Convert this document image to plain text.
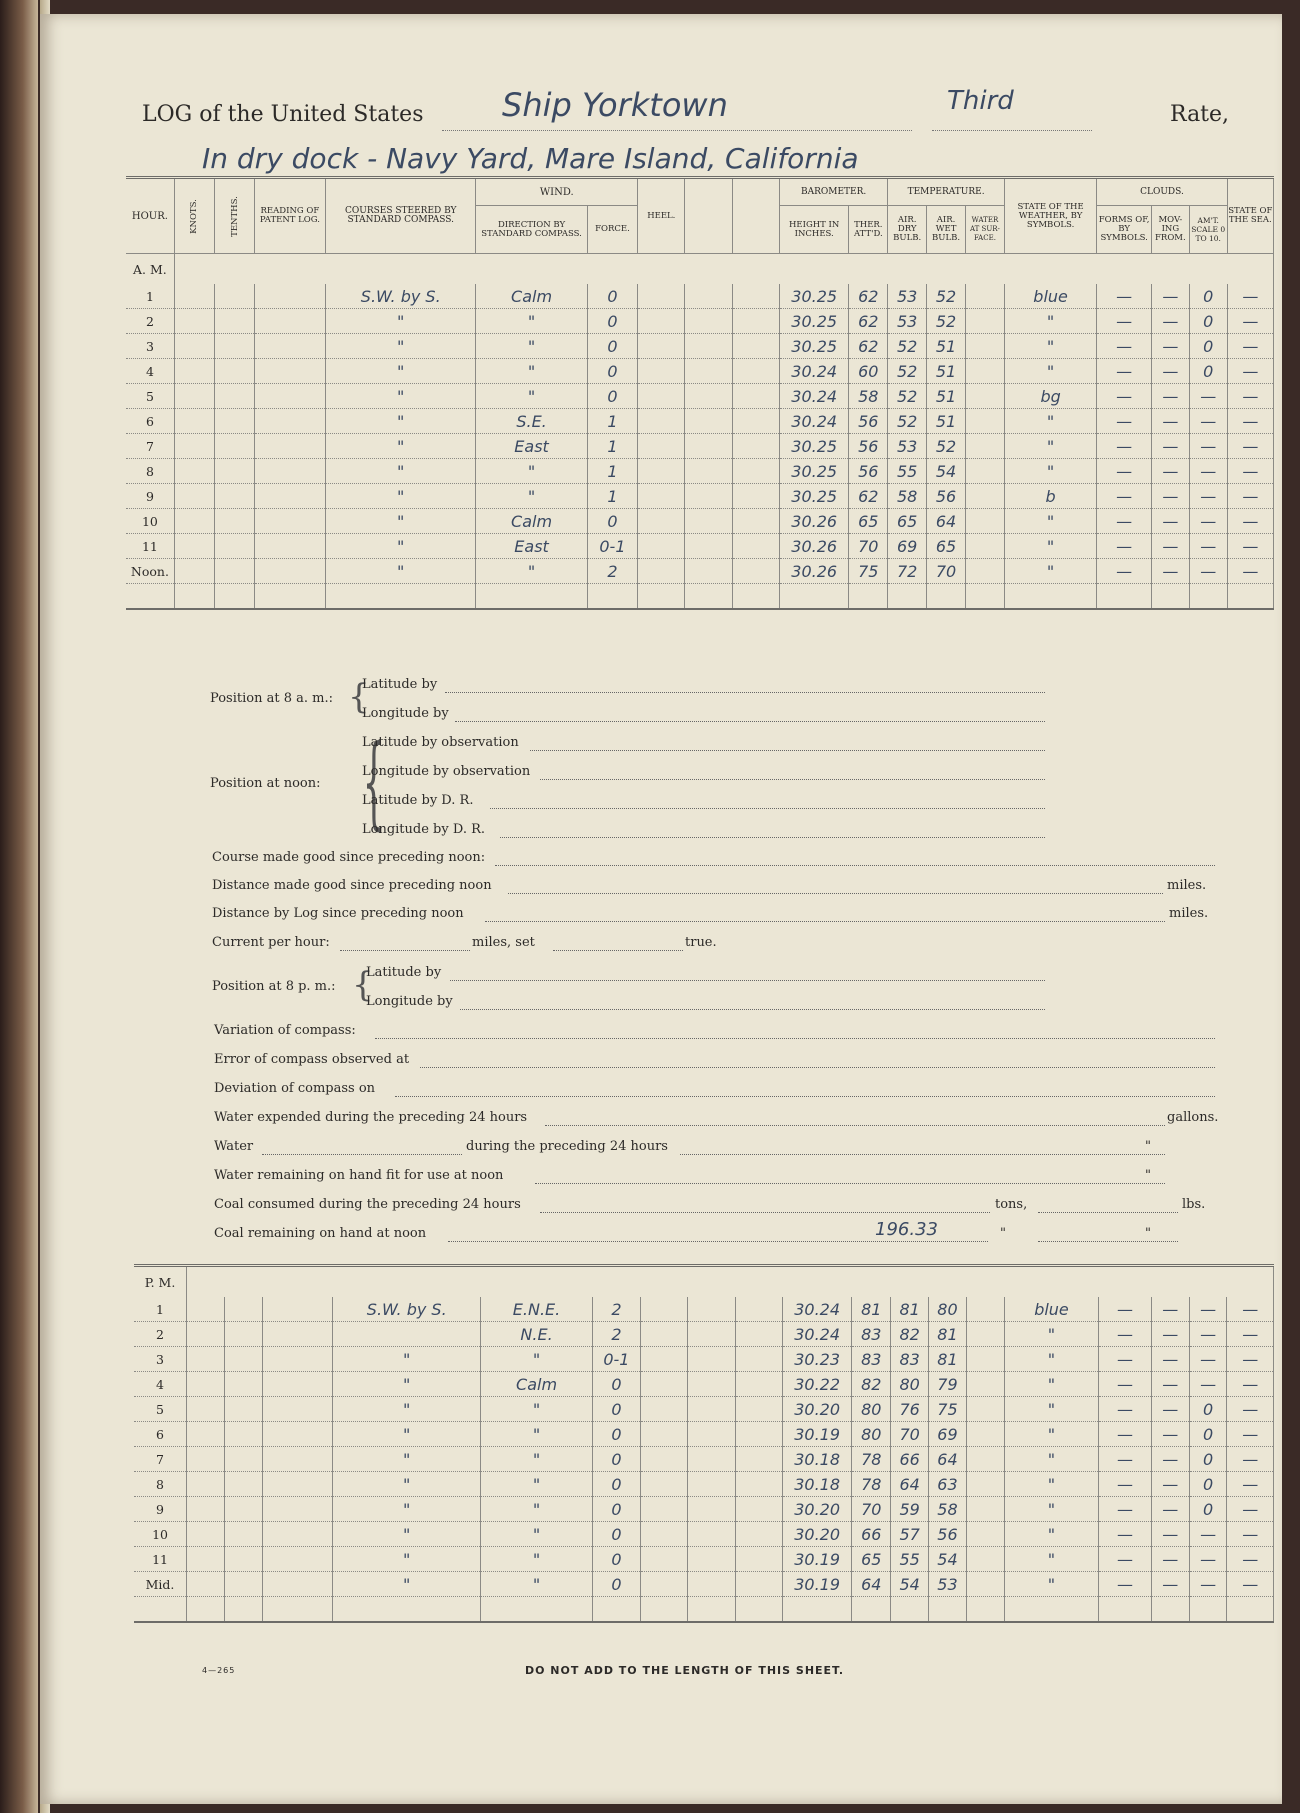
LOG of the United States Ship Yorktown	Third	Rate,
In dry dock - Navy Yard, Mare Island, California
HOUR.	KNOTS.	TENTHS.	READING OF PATENT LOG.	COURSES STEERED BY STANDARD COMPASS.	WIND.		HEEL.			BAROMETER.		TEMPERATURE.			STATE OF THE WEATHER, BY SYMBOLS.	CLOUDS.			STATE OF THE SEA.
					DIRECTION BY STANDARD COMPASS.	FORCE.				HEIGHT IN INCHES.	THER. ATT'D.	AIR. DRY BULB.	AIR. WET BULB.	WATER AT SUR- FACE.		FORMS OF, BY SYMBOLS.	MOV- ING FROM.	AM'T. SCALE 0 TO 10.	
A. M.																			
1				S.W. by S.	Calm	0				30.25	62	53	52		blue	—	—	0	—
2				"	"	0				30.25	62	53	52		"	—	—	0	—
3				"	"	0				30.25	62	52	51		"	—	—	0	—
4				"	"	0				30.24	60	52	51		"	—	—	0	—
5				"	"	0				30.24	58	52	51		bg	—	—	—	—
6				"	S.E.	1				30.24	56	52	51		"	—	—	—	—
7				"	East	1				30.25	56	53	52		"	—	—	—	—
8				"	"	1				30.25	56	55	54		"	—	—	—	—
9				"	"	1				30.25	62	58	56		b	—	—	—	—
10				"	Calm	0				30.26	65	65	64		"	—	—	—	—
11				"	East	0-1				30.26	70	69	65		"	—	—	—	—
Noon.				"	"	2				30.26	75	72	70		"	—	—	—	—

Position at 8 a. m.: {
Latitude by
Longitude by
Position at noon: {
Latitude by observation
Longitude by observation
Latitude by D. R.
Longitude by D. R.
Course made good since preceding noon:
Distance made good since preceding noon	miles.
Distance by Log since preceding noon	miles.
Current per hour:	miles, set	true.
Position at 8 p. m.: {
Latitude by
Longitude by
Variation of compass:
Error of compass observed at
Deviation of compass on
Water expended during the preceding 24 hours	gallons.
Water	during the preceding 24 hours	"
Water remaining on hand fit for use at noon	"
Coal consumed during the preceding 24 hours	tons,	lbs.
Coal remaining on hand at noon	196.33	"	"
P. M.																			
1				S.W. by S.	E.N.E.	2				30.24	81	81	80		blue	—	—	—	—
2					N.E.	2				30.24	83	82	81		"	—	—	—	—
3				"	"	0-1				30.23	83	83	81		"	—	—	—	—
4				"	Calm	0				30.22	82	80	79		"	—	—	—	—
5				"	"	0				30.20	80	76	75		"	—	—	0	—
6				"	"	0				30.19	80	70	69		"	—	—	0	—
7				"	"	0				30.18	78	66	64		"	—	—	0	—
8				"	"	0				30.18	78	64	63		"	—	—	0	—
9				"	"	0				30.20	70	59	58		"	—	—	0	—
10				"	"	0				30.20	66	57	56		"	—	—	—	—
11				"	"	0				30.19	65	55	54		"	—	—	—	—
Mid.				"	"	0				30.19	64	54	53		"	—	—	—	—

4—265	DO NOT ADD TO THE LENGTH OF THIS SHEET.
